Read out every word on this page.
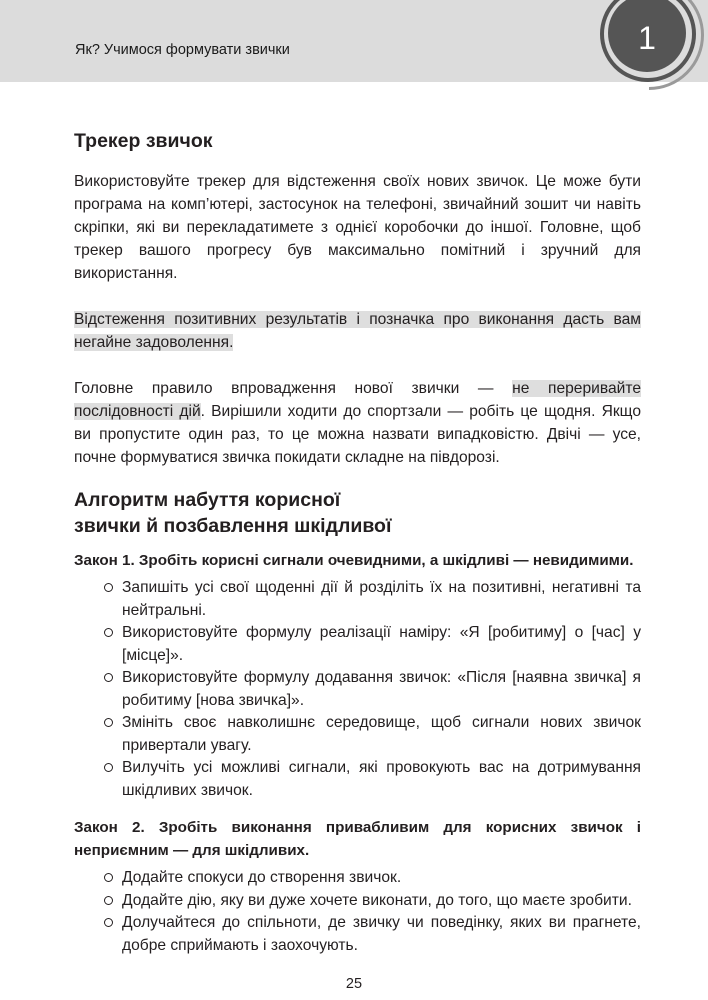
Як? Учимося формувати звички	1
Трекер звичок

Використовуйте трекер для відстеження своїх нових звичок. Це може бути програма на комп’ютері, застосунок на телефоні, звичайний зошит чи навіть скріпки, які ви перекладатимете з однієї коробочки до іншої. Головне, щоб трекер вашого прогресу був максимально помітний і зручний для використання.

Відстеження позитивних результатів і позначка про виконання дасть вам негайне задоволення.

Головне правило впровадження нової звички — не переривайте послідовності дій. Вирішили ходити до спортзали — робіть це щодня. Якщо ви пропустите один раз, то це можна назвати випадковістю. Двічі — усе, почне формуватися звичка покидати складне на півдорозі.

Алгоритм набуття корисної
звички й позбавлення шкідливої
Закон 1. Зробіть корисні сигнали очевидними, а шкідливі — невидимими.
Запишіть усі свої щоденні дії й розділіть їх на позитивні, негативні та нейтральні.
Використовуйте формулу реалізації наміру: «Я [робитиму] о [час] у [місце]».
Використовуйте формулу додавання звичок: «Після [наявна звичка] я робитиму [нова звичка]».
Змініть своє навколишнє середовище, щоб сигнали нових звичок привертали увагу.
Вилучіть усі можливі сигнали, які провокують вас на дотримування шкідливих звичок.
Закон 2. Зробіть виконання привабливим для корисних звичок і неприємним — для шкідливих.
Додайте спокуси до створення звичок.
Додайте дію, яку ви дуже хочете виконати, до того, що маєте зробити.
Долучайтеся до спільноти, де звичку чи поведінку, яких ви прагнете, добре сприймають і заохочують.
25
